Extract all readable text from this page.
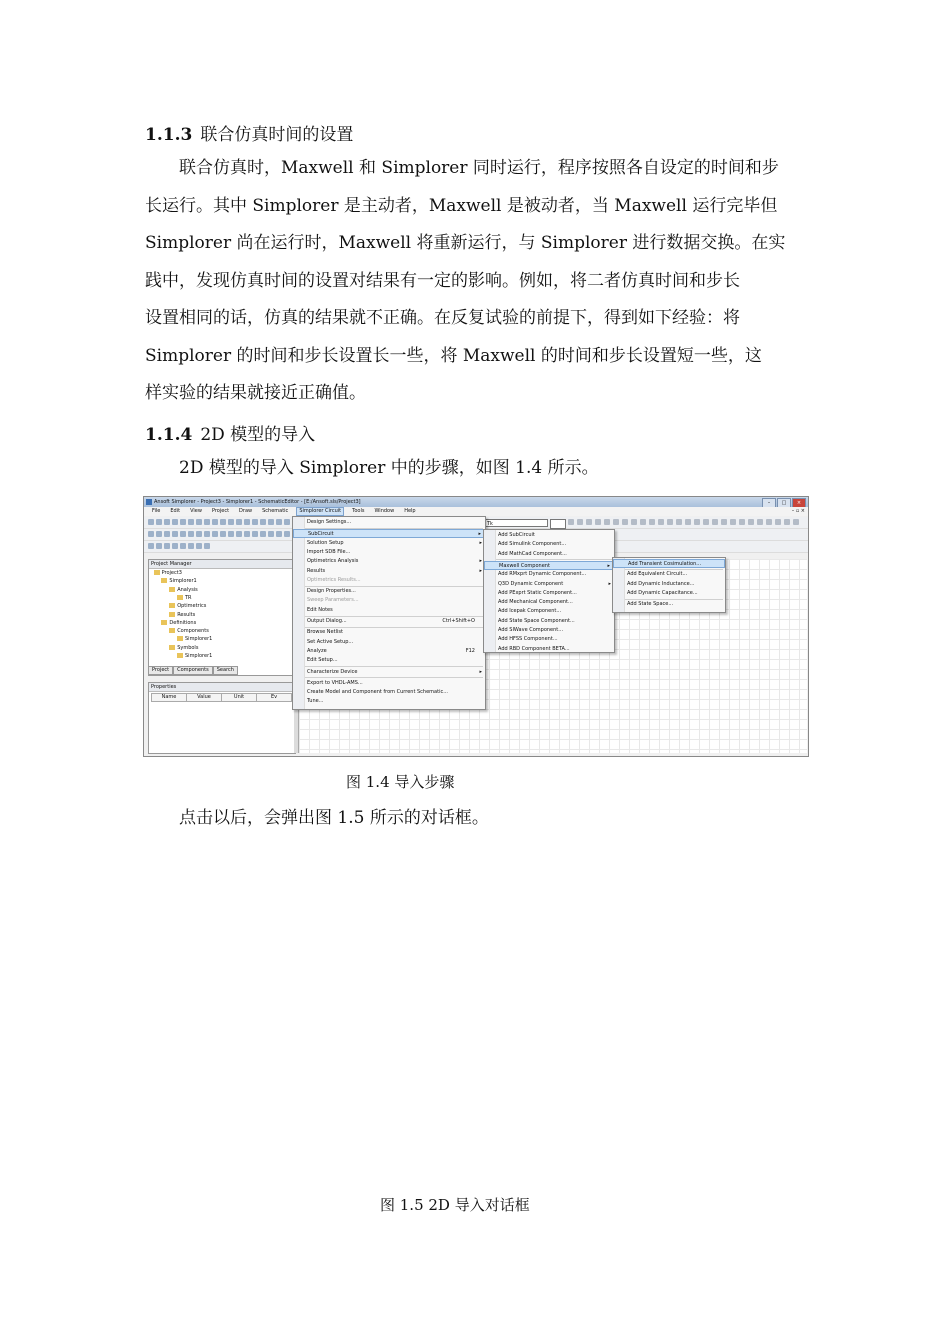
1.1.3 联合仿真时间的设置
联合仿真时，Maxwell 和 Simplorer 同时运行，程序按照各自设定的时间和步
长运行。其中 Simplorer 是主动者，Maxwell 是被动者，当 Maxwell 运行完毕但
Simplorer 尚在运行时，Maxwell 将重新运行，与 Simplorer 进行数据交换。在实
践中，发现仿真时间的设置对结果有一定的影响。例如，将二者仿真时间和步长
设置相同的话，仿真的结果就不正确。在反复试验的前提下，得到如下经验：将
Simplorer 的时间和步长设置长一些，将 Maxwell 的时间和步长设置短一些，这
样实验的结果就接近正确值。
1.1.4 2D 模型的导入
2D 模型的导入 Simplorer 中的步骤，如图 1.4 所示。
Ansoft Simplorer - Project3 - Simplorer1 - SchematicEditor - [E:/Ansoft.sls/Project3]	–	□	×
File	Edit	View	Project	Draw	Schematic	Simplorer Circuit	Tools	Window	Help	– ▫ ×
Tk
Project Manager
Project3
Simplorer1
Analysis
TR
Optimetrics
Results
Definitions
Components
Simplorer1
Symbols
Simplorer1
Project	Components	Search
Properties
Name	Value	Unit	Ev
Design Settings...
SubCircuit	▸
Solution Setup	▸
Import SDB File...
Optimetrics Analysis	▸
Results	▸
Optimetrics Results...
Design Properties...
Sweep Parameters...
Edit Notes
Output Dialog...	Ctrl+Shift+O
Browse Netlist
Set Active Setup...
Analyze	F12
Edit Setup...
Characterize Device	▸
Export to VHDL-AMS...
Create Model and Component from Current Schematic...
Tune...
Add SubCircuit
Add Simulink Component...
Add MathCad Component...
Maxwell Component	▸
Add RMxprt Dynamic Component...
Q3D Dynamic Component	▸
Add PExprt Static Component...
Add Mechanical Component...
Add Icepak Component...
Add State Space Component...
Add SIWave Component...
Add HFSS Component...
Add RBD Component BETA...
Add Transient Cosimulation...
Add Equivalent Circuit...
Add Dynamic Inductance...
Add Dynamic Capacitance...
Add State Space...
图 1.4 导入步骤
点击以后，会弹出图 1.5 所示的对话框。
图 1.5 2D 导入对话框
